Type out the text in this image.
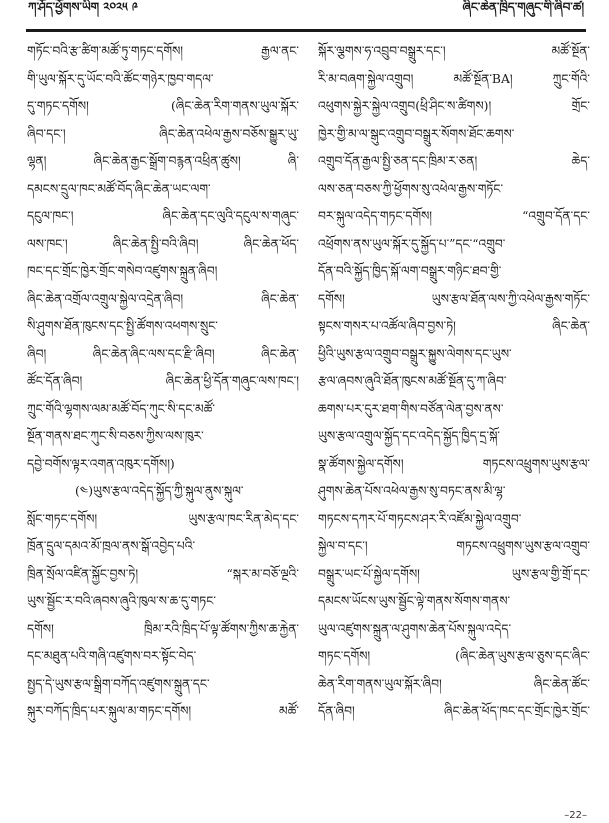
ཀ་ཤོད་ཕྱོགས་ཡིག ༢༠༢༥ ༩	ཞིང་ཆེན་ཁྲིད་གཞུང་གི་ཞིབ་ཚ།
གཏོང་བའི་རྩ་ཚིག་མཚོ་ཏུ་གཏང་དགོས། རྒྱལ་ནང་
གི་ཡུལ་སྐོར་དུ་ཡོང་བའི་ཚོང་གཉེར་ཁྱབ་གདལ་
དུ་གཏང་དགོས། (ཞིང་ཆེན་རིག་གནས་ཡུལ་སྐོར་
ཞིབ་དང་། ཞིང་ཆེན་འཕེལ་རྒྱས་བཅོས་སྒྱུར་ཡུ་
ལྷན། ཞིང་ཆེན་རྒྱང་སྒྲོག་བརྙན་འཕྲིན་ཚུས། ཞི་
དམངས་དྲུལ་ཁང་མཚོ་བོད་ཞིང་ཆེན་ཡང་ལག་
དངུལ་ཁང་། ཞིང་ཆེན་དང་ལུའི་དངུལ་ས་གཞུང་
ལས་ཁང་། ཞིང་ཆེན་སྤྱི་བའི་ཞིབ། ཞིང་ཆེན་ཕོད་
ཁང་དང་གྲོང་ཁྱེར་གྲོང་གསེབ་འཛུགས་སྐྲུན་ཞིབ།
ཞིང་ཆེན་འགྲོལ་འགྲུལ་སྐྱེལ་འདྲེན་ཞིབ། ཞིང་ཆེན་
སི་ཤུགས་ཐོན་ཁུངས་དང་སྤྱི་ཚོགས་འཕགས་སྲུང་
ཞིབ། ཞིང་ཆེན་ཞིང་ལས་དང་རྫི་ཞིབ། ཞིང་ཆེན་
ཚོང་དོན་ཞིབ། ཞིང་ཆེན་ཕྱི་དོན་གཞུང་ལས་ཁང་།
ཀྲུང་གོའི་ལྷགས་ལམ་མཚོ་བོད་ཀུང་སི་དང་མཚོ་
སྔོན་གནས་ཐང་ཀུང་སི་བཅས་ཀྱིས་ལས་ཁུར་
དབྱེ་བགོས་ལྟར་འགན་འཁུར་དགོས།)
(༤)ཡུས་རྩལ་འདེད་སྐྱོད་ཀྱི་སྐུལ་ནུས་སྐུལ་
སློང་གཏང་དགོས། ཡུས་རྩལ་ཁང་རིན་མེད་དང་
ཁྲོན་དྲུལ་དམའ་མོ་ཁྲལ་ནས་སྒོ་འབྱེད་པའི་
ཁྲིན་སྲོལ་འཛིན་སྐྱོང་བྱས་ཏེ། “སྐར་མ་བཅོ་ལྔའི་
ཡུས་སྦྱོང་ར་བའི་ཞབས་ཞུའི་ཁུལ་ས་ཆ་དུ་གཏང་
དགོས། ཁྲིམ་རའི་ཁྲིད་པོ་ལྟ་ཚོགས་ཀྱིས་ཆ་རྐྱེན་
དང་མཐུན་པའི་གཞི་འཛུགས་བར་སྟོང་བེད་
སྤྱད་དེ་ཡུས་རྩལ་སྒྲིག་བཀོད་འཛུགས་སྐྲུན་དང་
སྐུར་བཀོད་ཁྲིད་པར་སྐུལ་མ་གཏང་དགོས། མཚོ་
སྐོར་ལྕགས་ཧ་འབྲུབ་བསྒྲུར་དང་། མཚོ་སྔོན་
རི་མ་བཞག་སྐྱེལ་འགྲུབ། མཚོ་སྔོན་BA། ཀྲུང་གོའི་
འཕུགས་སྐྱེར་སྐྱེལ་འགྲུབ(ཕྲི་ཤིང་ས་ཚིགས)། གྲོང་
ཁྱེར་གྱི་མ་ལ་སྒུང་འགྲུབ་བསྒྲུར་སོགས་ཐོང་ཆགས་
འགྲུབ་དོན་རྒྱལ་སྤྱི་ཅན་དང་ཁྲིམ་ར་ཅན། ཆེད་
ལས་ཅན་བཅས་ཀྱི་ཕྱོགས་སུ་འཕེལ་རྒྱས་གཏོང་
བར་སྐུལ་འདེད་གཏང་དགོས། “འགྲུབ་དོན་དང་
འཕྲོགས་ནས་ཡུལ་སྐོར་དུ་སྐྱོད་པ་”དང་“འགྲུབ་
དོན་བའི་སྐྱོད་ཁྱིད་སྐོ་ལག་བསྒྲུར་གཉིང་ཐབ་གྱི་
དགོས། ཡུས་རྩལ་ཐོན་ལས་ཀྱི་འཕེལ་རྒྱས་གཏོང་
སྟངས་གསར་པ་འཚོལ་ཞིབ་བྱས་ཏེ། ཞིང་ཆེན་
ཕྱིའི་ཡུས་རྩལ་འགྲུབ་བསྒྲུར་སྐྱུས་ལེགས་དང་ཡུས་
རྩལ་ཞབས་ཞུའི་ཐོན་ཁུངས་མཚོ་སྔོན་དུ་ཀ་ཞིབ་
ཆགས་པར་དུར་ཐག་གིས་བཙོན་ལེན་བྱས་ནས་
ཡུས་རྩལ་འགྲུལ་སྐྱོད་དང་འདེད་སྐྱོད་ཁྱིད་དྲ་སྐོ་
སྣ་ཚོགས་སྐྱེལ་དགོས། གཏངས་འཕྲུགས་ཡུས་རྩལ་
ཤུགས་ཆེན་པོས་འཕེལ་རྒྱས་སུ་བཏང་ནས་མི་ལྷ་
གཏངས་དཀར་པོ་གཏངས་ཤར་རི་འཛོམ་སྐྱེལ་འགྲུབ་
སྐྱེལ་བ་དང་། གཏངས་འཕྲུགས་ཡུས་རྩལ་འགྲུབ་
བསྒྲུར་ཡང་པོ་སྐྱེལ་དགོས། ཡུས་རྩལ་གྱི་གྲོ་དང་
དམངས་ཡོངས་ཡུས་སྦྱོང་ལྟེ་གནས་སོགས་གནས་
ཡུལ་འཛུགས་སྐྲུན་ལ་ཤུགས་ཆེན་པོས་སྐུལ་འདེད་
གཏང་དགོས། (ཞིང་ཆེན་ཡུས་རྩལ་ཅུས་དང་ཞིང་
ཆེན་རིག་གནས་ཡུལ་སྐོར་ཞིབ། ཞིང་ཆེན་ཚོང་
དོན་ཞིབ། ཞིང་ཆེན་ཕོད་ཁང་དང་གྲོང་ཁྱེར་གྲོང་
–22–
